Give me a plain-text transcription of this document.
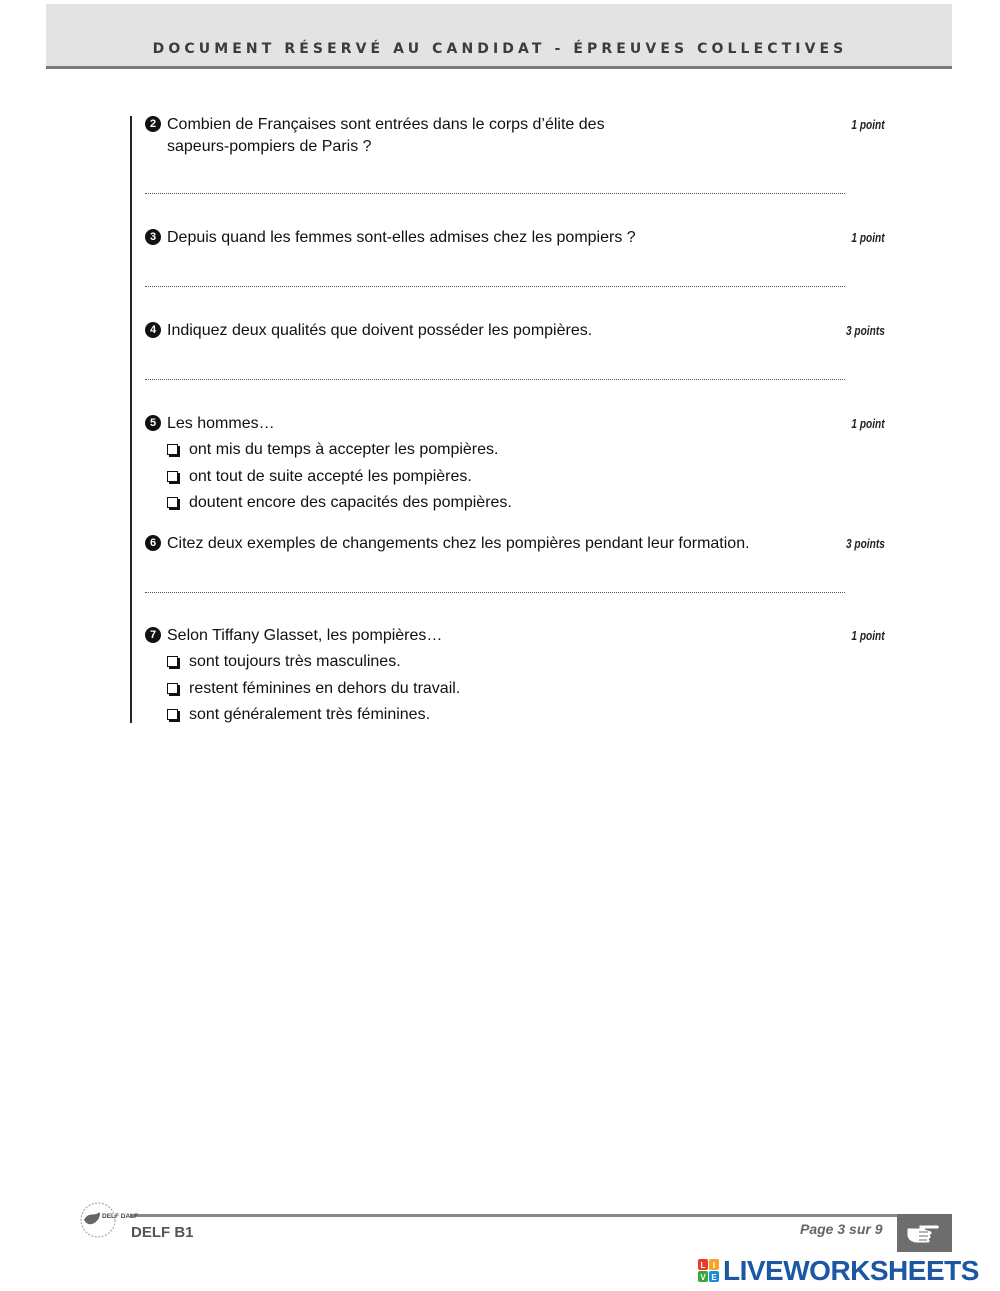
DOCUMENT RÉSERVÉ AU CANDIDAT - ÉPREUVES COLLECTIVES
2 Combien de Françaises sont entrées dans le corps d’élite des sapeurs-pompiers de Paris ?
1 point
3 Depuis quand les femmes sont-elles admises chez les pompiers ?	1 point
4 Indiquez deux qualités que doivent posséder les pompières.	3 points
5 Les hommes…	1 point
ont mis du temps à accepter les pompières.
ont tout de suite accepté les pompières.
doutent encore des capacités des pompières.
6 Citez deux exemples de changements chez les pompières pendant leur formation.	3 points
7 Selon Tiffany Glasset, les pompières…	1 point
sont toujours très masculines.
restent féminines en dehors du travail.
sont généralement très féminines.
DELF DALF
DELF B1	Page 3 sur 9
L I
V E LIVEWORKSHEETS
